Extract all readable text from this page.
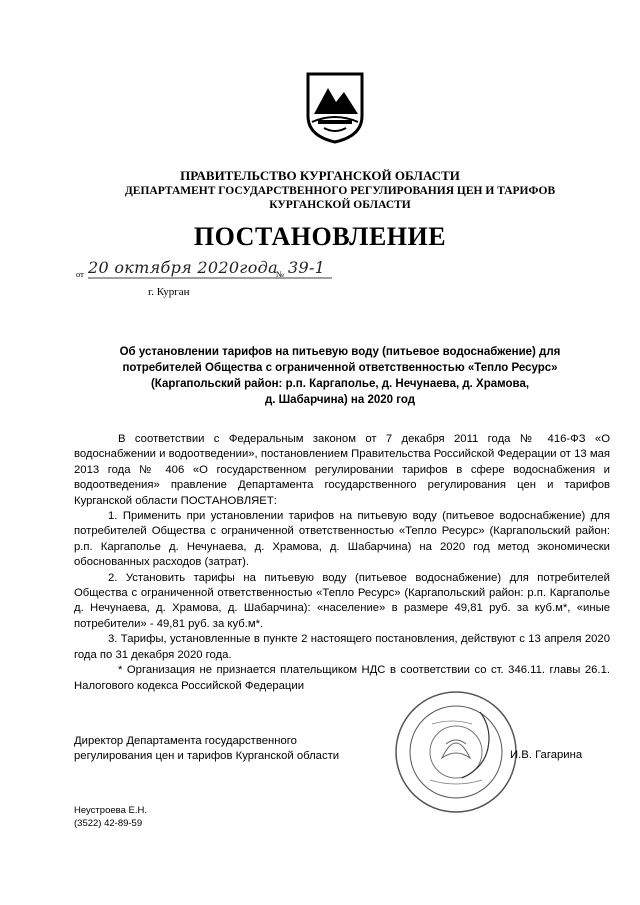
ПРАВИТЕЛЬСТВО КУРГАНСКОЙ ОБЛАСТИ
ДЕПАРТАМЕНТ ГОСУДАРСТВЕННОГО РЕГУЛИРОВАНИЯ ЦЕН И ТАРИФОВ
КУРГАНСКОЙ ОБЛАСТИ
ПОСТАНОВЛЕНИЕ
от 20 октября 2020года
№ 39-1
г. Курган
Об установлении тарифов на питьевую воду (питьевое водоснабжение) для
потребителей Общества с ограниченной ответственностью «Тепло Ресурс»
(Каргапольский район: р.п. Каргаполье, д. Нечунаева, д. Храмова,
д. Шабарчина) на 2020 год

В соответствии с Федеральным законом от 7 декабря 2011 года № 416-ФЗ «О водоснабжении и водоотведении», постановлением Правительства Российской Федерации от 13 мая 2013 года № 406 «О государственном регулировании тарифов в сфере водоснабжения и водоотведения» правление Департамента государственного регулирования цен и тарифов Курганской области ПОСТАНОВЛЯЕТ:

1. Применить при установлении тарифов на питьевую воду (питьевое водоснабжение) для потребителей Общества с ограниченной ответственностью «Тепло Ресурс» (Каргапольский район: р.п. Каргаполье д. Нечунаева, д. Храмова, д. Шабарчина) на 2020 год метод экономически обоснованных расходов (затрат).

2. Установить тарифы на питьевую воду (питьевое водоснабжение) для потребителей Общества с ограниченной ответственностью «Тепло Ресурс» (Каргапольский район: р.п. Каргаполье д. Нечунаева, д. Храмова, д. Шабарчина): «население» в размере 49,81 руб. за куб.м*, «иные потребители» - 49,81 руб. за куб.м*.

3. Тарифы, установленные в пункте 2 настоящего постановления, действуют с 13 апреля 2020 года по 31 декабря 2020 года.

* Организация не признается плательщиком НДС в соответствии со ст. 346.11. главы 26.1. Налогового кодекса Российской Федерации

Директор Департамента государственного
регулирования цен и тарифов Курганской области	И.В. Гагарина
Неустроева Е.Н.
(3522) 42-89-59
